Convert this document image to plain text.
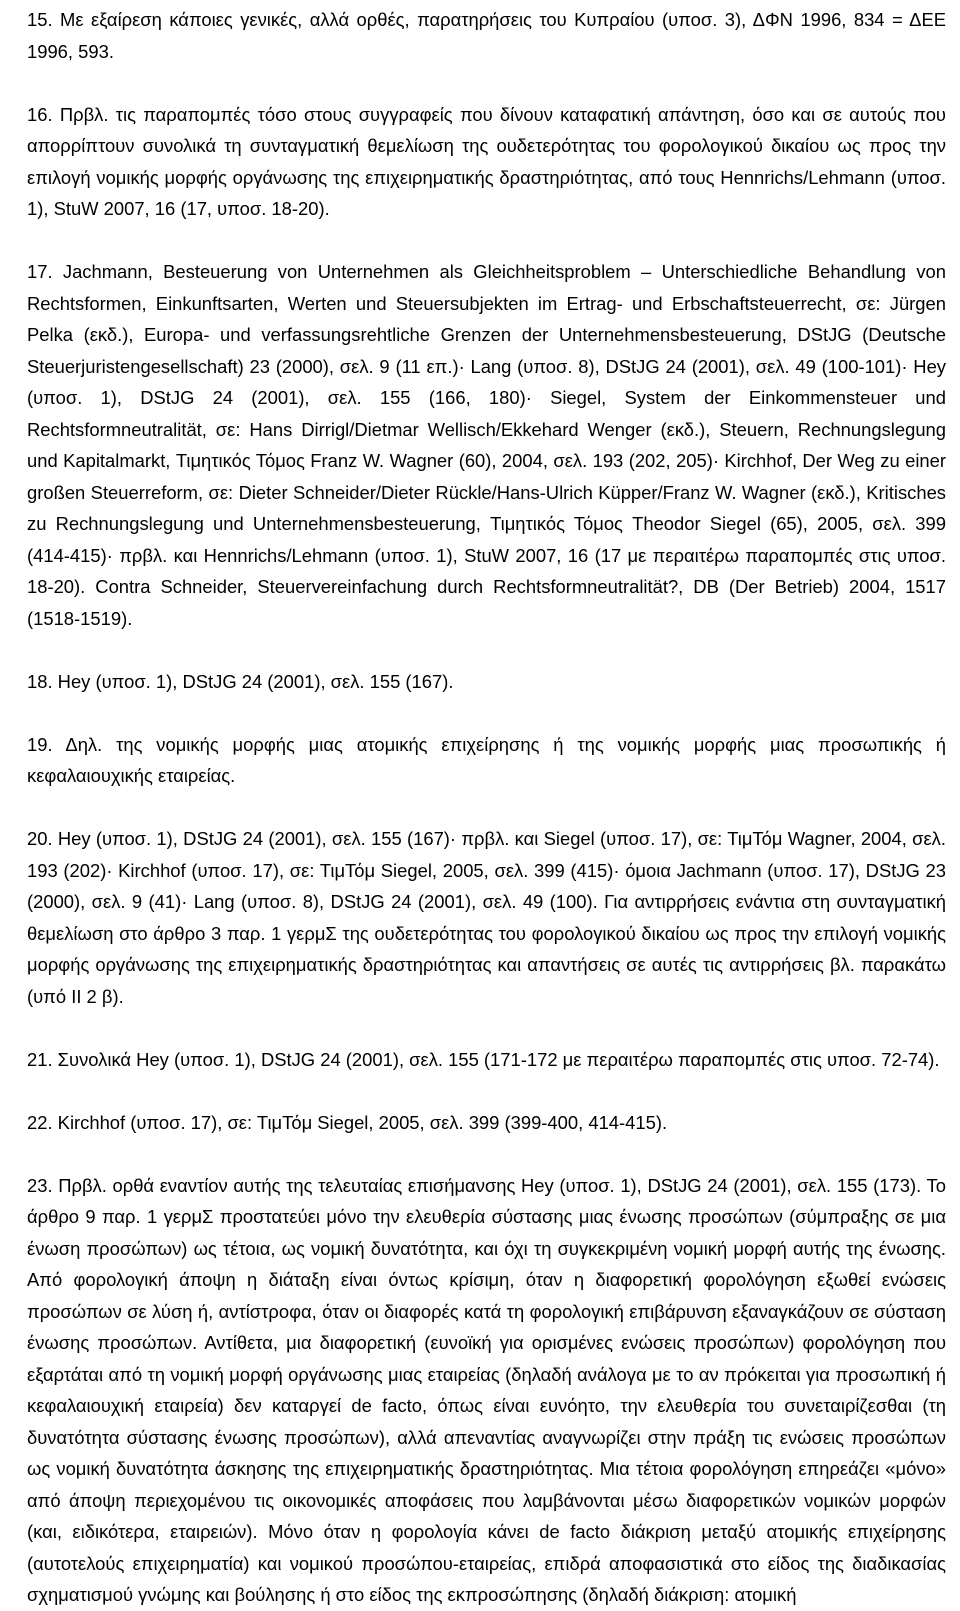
15. Με εξαίρεση κάποιες γενικές, αλλά ορθές, παρατηρήσεις του Κυπραίου (υποσ. 3), ΔΦΝ 1996, 834 = ΔΕΕ 1996, 593.

16. Πρβλ. τις παραπομπές τόσο στους συγγραφείς που δίνουν καταφατική απάντηση, όσο και σε αυτούς που απορρίπτουν συνολικά τη συνταγματική θεμελίωση της ουδετερότητας του φορολογικού δικαίου ως προς την επιλογή νομικής μορφής οργάνωσης της επιχειρηματικής δραστηριότητας, από τους Hennrichs/Lehmann (υποσ. 1), StuW 2007, 16 (17, υποσ. 18-20).

17. Jachmann, Besteuerung von Unternehmen als Gleichheitsproblem – Unterschiedliche Behandlung von Rechtsformen, Einkunftsarten, Werten und Steuersubjekten im Ertrag- und Erbschaftsteuerrecht, σε: Jürgen Pelka (εκδ.), Europa- und verfassungsrehtliche Grenzen der Unternehmensbesteuerung, DStJG (Deutsche Steuerjuristengesellschaft) 23 (2000), σελ. 9 (11 επ.)· Lang (υποσ. 8), DStJG 24 (2001), σελ. 49 (100-101)· Hey (υποσ. 1), DStJG 24 (2001), σελ. 155 (166, 180)· Siegel, System der Einkommensteuer und Rechtsformneutralität, σε: Hans Dirrigl/Dietmar Wellisch/Ekkehard Wenger (εκδ.), Steuern, Rechnungslegung und Kapitalmarkt, Τιμητικός Τόμος Franz W. Wagner (60), 2004, σελ. 193 (202, 205)· Kirchhof, Der Weg zu einer großen Steuerreform, σε: Dieter Schneider/Dieter Rückle/Hans-Ulrich Küpper/Franz W. Wagner (εκδ.), Kritisches zu Rechnungslegung und Unternehmensbesteuerung, Τιμητικός Τόμος Theodor Siegel (65), 2005, σελ. 399 (414-415)· πρβλ. και Hennrichs/Lehmann (υποσ. 1), StuW 2007, 16 (17 με περαιτέρω παραπομπές στις υποσ. 18-20). Contra Schneider, Steuervereinfachung durch Rechtsformneutralität?, DB (Der Betrieb) 2004, 1517 (1518-1519).

18. Hey (υποσ. 1), DStJG 24 (2001), σελ. 155 (167).

19. Δηλ. της νομικής μορφής μιας ατομικής επιχείρησης ή της νομικής μορφής μιας προσωπικής ή κεφαλαιουχικής εταιρείας.

20. Hey (υποσ. 1), DStJG 24 (2001), σελ. 155 (167)· πρβλ. και Siegel (υποσ. 17), σε: ΤιμΤόμ Wagner, 2004, σελ. 193 (202)· Kirchhof (υποσ. 17), σε: ΤιμΤόμ Siegel, 2005, σελ. 399 (415)· όμοια Jachmann (υποσ. 17), DStJG 23 (2000), σελ. 9 (41)· Lang (υποσ. 8), DStJG 24 (2001), σελ. 49 (100). Για αντιρρήσεις ενάντια στη συνταγματική θεμελίωση στο άρθρο 3 παρ. 1 γερμΣ της ουδετερότητας του φορολογικού δικαίου ως προς την επιλογή νομικής μορφής οργάνωσης της επιχειρηματικής δραστηριότητας και απαντήσεις σε αυτές τις αντιρρήσεις βλ. παρακάτω (υπό ΙΙ 2 β).

21. Συνολικά Hey (υποσ. 1), DStJG 24 (2001), σελ. 155 (171-172 με περαιτέρω παραπομπές στις υποσ. 72-74).

22. Kirchhof (υποσ. 17), σε: ΤιμΤόμ Siegel, 2005, σελ. 399 (399-400, 414-415).

23. Πρβλ. ορθά εναντίον αυτής της τελευταίας επισήμανσης Hey (υποσ. 1), DStJG 24 (2001), σελ. 155 (173). Το άρθρο 9 παρ. 1 γερμΣ προστατεύει μόνο την ελευθερία σύστασης μιας ένωσης προσώπων (σύμπραξης σε μια ένωση προσώπων) ως τέτοια, ως νομική δυνατότητα, και όχι τη συγκεκριμένη νομική μορφή αυτής της ένωσης. Από φορολογική άποψη η διάταξη είναι όντως κρίσιμη, όταν η διαφορετική φορολόγηση εξωθεί ενώσεις προσώπων σε λύση ή, αντίστροφα, όταν οι διαφορές κατά τη φορολογική επιβάρυνση εξαναγκάζουν σε σύσταση ένωσης προσώπων. Αντίθετα, μια διαφορετική (ευνοϊκή για ορισμένες ενώσεις προσώπων) φορολόγηση που εξαρτάται από τη νομική μορφή οργάνωσης μιας εταιρείας (δηλαδή ανάλογα με το αν πρόκειται για προσωπική ή κεφαλαιουχική εταιρεία) δεν καταργεί de facto, όπως είναι ευνόητο, την ελευθερία του συνεταιρίζεσθαι (τη δυνατότητα σύστασης ένωσης προσώπων), αλλά απεναντίας αναγνωρίζει στην πράξη τις ενώσεις προσώπων ως νομική δυνατότητα άσκησης της επιχειρηματικής δραστηριότητας. Μια τέτοια φορολόγηση επηρεάζει «μόνο» από άποψη περιεχομένου τις οικονομικές αποφάσεις που λαμβάνονται μέσω διαφορετικών νομικών μορφών (και, ειδικότερα, εταιρειών). Μόνο όταν η φορολογία κάνει de facto διάκριση μεταξύ ατομικής επιχείρησης (αυτοτελούς επιχειρηματία) και νομικού προσώπου-εταιρείας, επιδρά αποφασιστικά στο είδος της διαδικασίας σχηματισμού γνώμης και βούλησης ή στο είδος της εκπροσώπησης (δηλαδή διάκριση: ατομική
